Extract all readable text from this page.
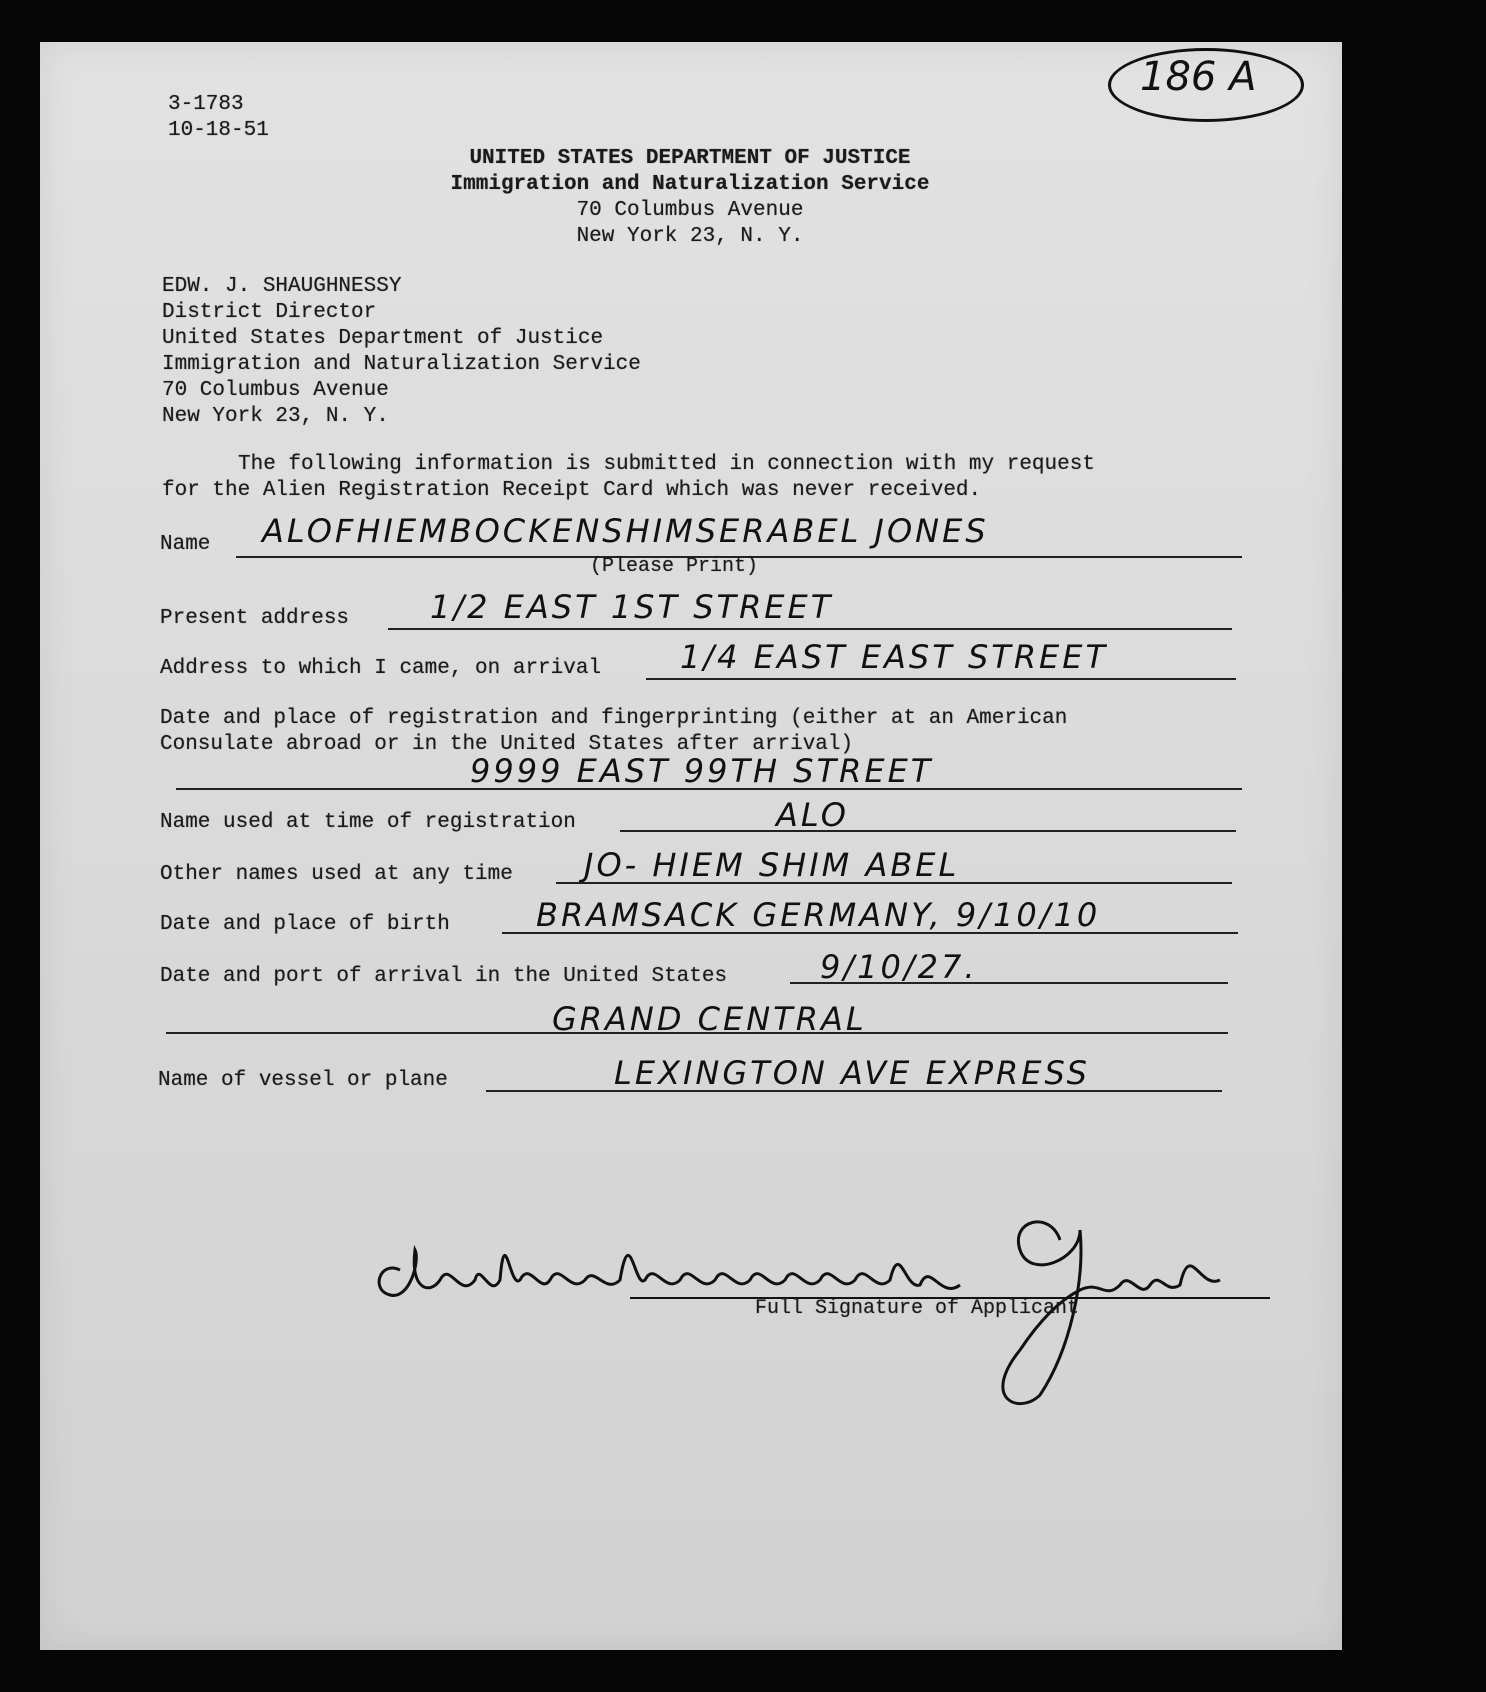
186 A
3-1783
10-18-51
UNITED STATES DEPARTMENT OF JUSTICE
Immigration and Naturalization Service
70 Columbus Avenue
New York 23, N. Y.
EDW. J. SHAUGHNESSY
District Director
United States Department of Justice
Immigration and Naturalization Service
70 Columbus Avenue
New York 23, N. Y.
The following information is submitted in connection with my request
for the Alien Registration Receipt Card which was never received.
Name ALOFHIEMBOCKENSHIMSERABEL JONES
(Please Print)
Present address	1/2 EAST 1ST STREET
Address to which I came, on arrival 1/4 EAST EAST STREET
Date and place of registration and fingerprinting (either at an American
Consulate abroad or in the United States after arrival)
9999 EAST 99TH STREET
Name used at time of registration	ALO
Other names used at any time JO- HIEM SHIM ABEL
Date and place of birth	BRAMSACK GERMANY, 9/10/10
Date and port of arrival in the United States	9/10/27.
GRAND CENTRAL
Name of vessel or plane	LEXINGTON AVE EXPRESS
Full Signature of Applicant
